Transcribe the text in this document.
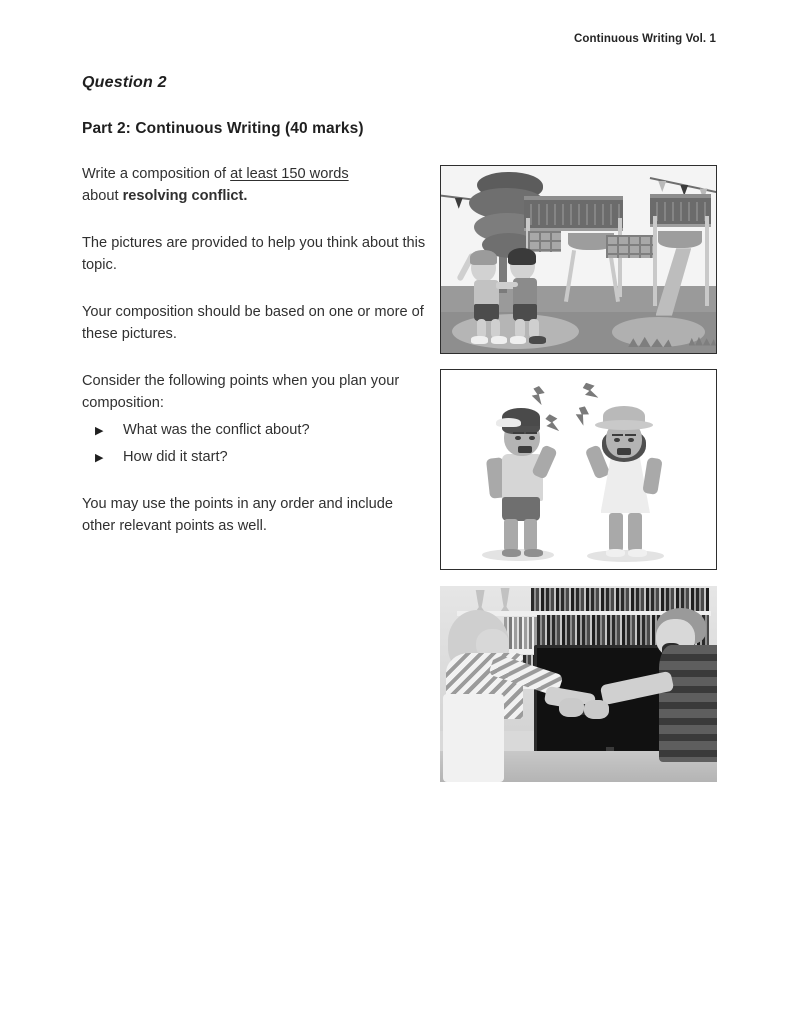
Continuous Writing Vol. 1
Question 2
Part 2: Continuous Writing (40 marks)

Write a composition of at least 150 words
about resolving conflict.

The pictures are provided to help you think about this topic.

Your composition should be based on one or more of these pictures.

Consider the following points when you plan your composition:

▶ What was the conflict about?
▶ How did it start?

You may use the points in any order and include other relevant points as well.
